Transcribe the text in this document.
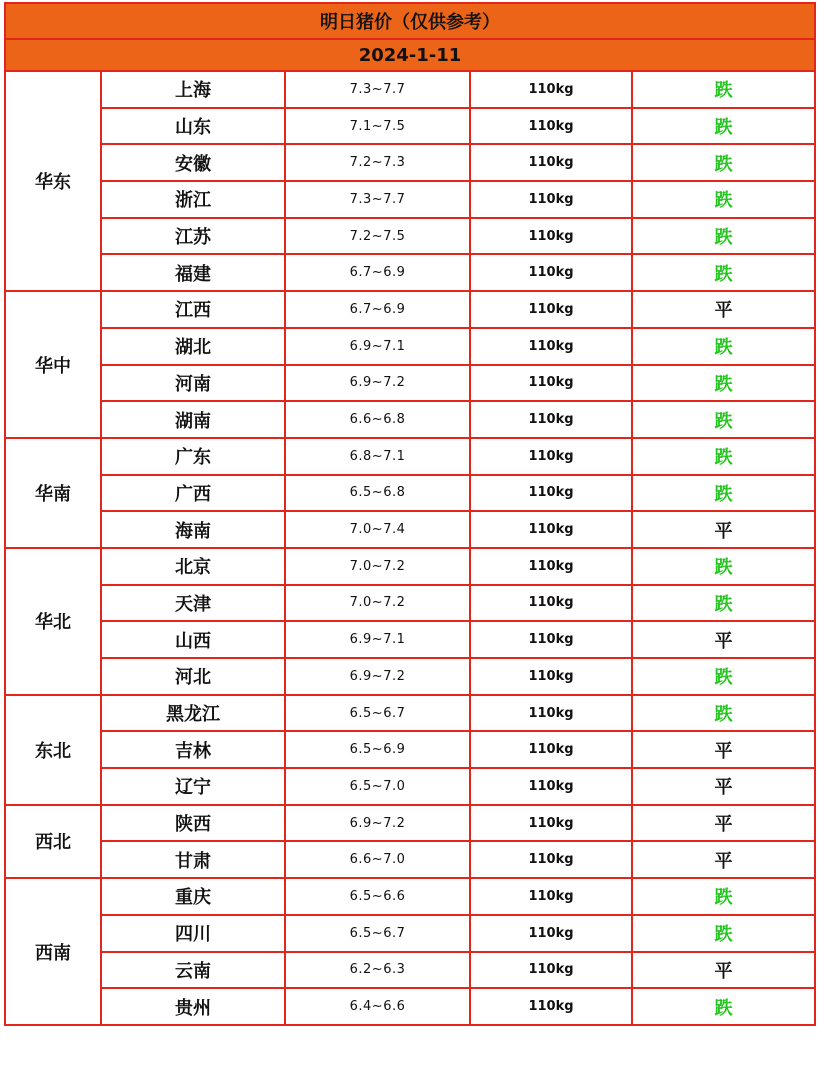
明日猪价（仅供参考）				
2024-1-11				
华东	上海	7.3~7.7	110kg	跌
	山东	7.1~7.5	110kg	跌
	安徽	7.2~7.3	110kg	跌
	浙江	7.3~7.7	110kg	跌
	江苏	7.2~7.5	110kg	跌
	福建	6.7~6.9	110kg	跌
华中	江西	6.7~6.9	110kg	平
	湖北	6.9~7.1	110kg	跌
	河南	6.9~7.2	110kg	跌
	湖南	6.6~6.8	110kg	跌
华南	广东	6.8~7.1	110kg	跌
	广西	6.5~6.8	110kg	跌
	海南	7.0~7.4	110kg	平
华北	北京	7.0~7.2	110kg	跌
	天津	7.0~7.2	110kg	跌
	山西	6.9~7.1	110kg	平
	河北	6.9~7.2	110kg	跌
东北	黑龙江	6.5~6.7	110kg	跌
	吉林	6.5~6.9	110kg	平
	辽宁	6.5~7.0	110kg	平
西北	陕西	6.9~7.2	110kg	平
	甘肃	6.6~7.0	110kg	平
西南	重庆	6.5~6.6	110kg	跌
	四川	6.5~6.7	110kg	跌
	云南	6.2~6.3	110kg	平
	贵州	6.4~6.6	110kg	跌
